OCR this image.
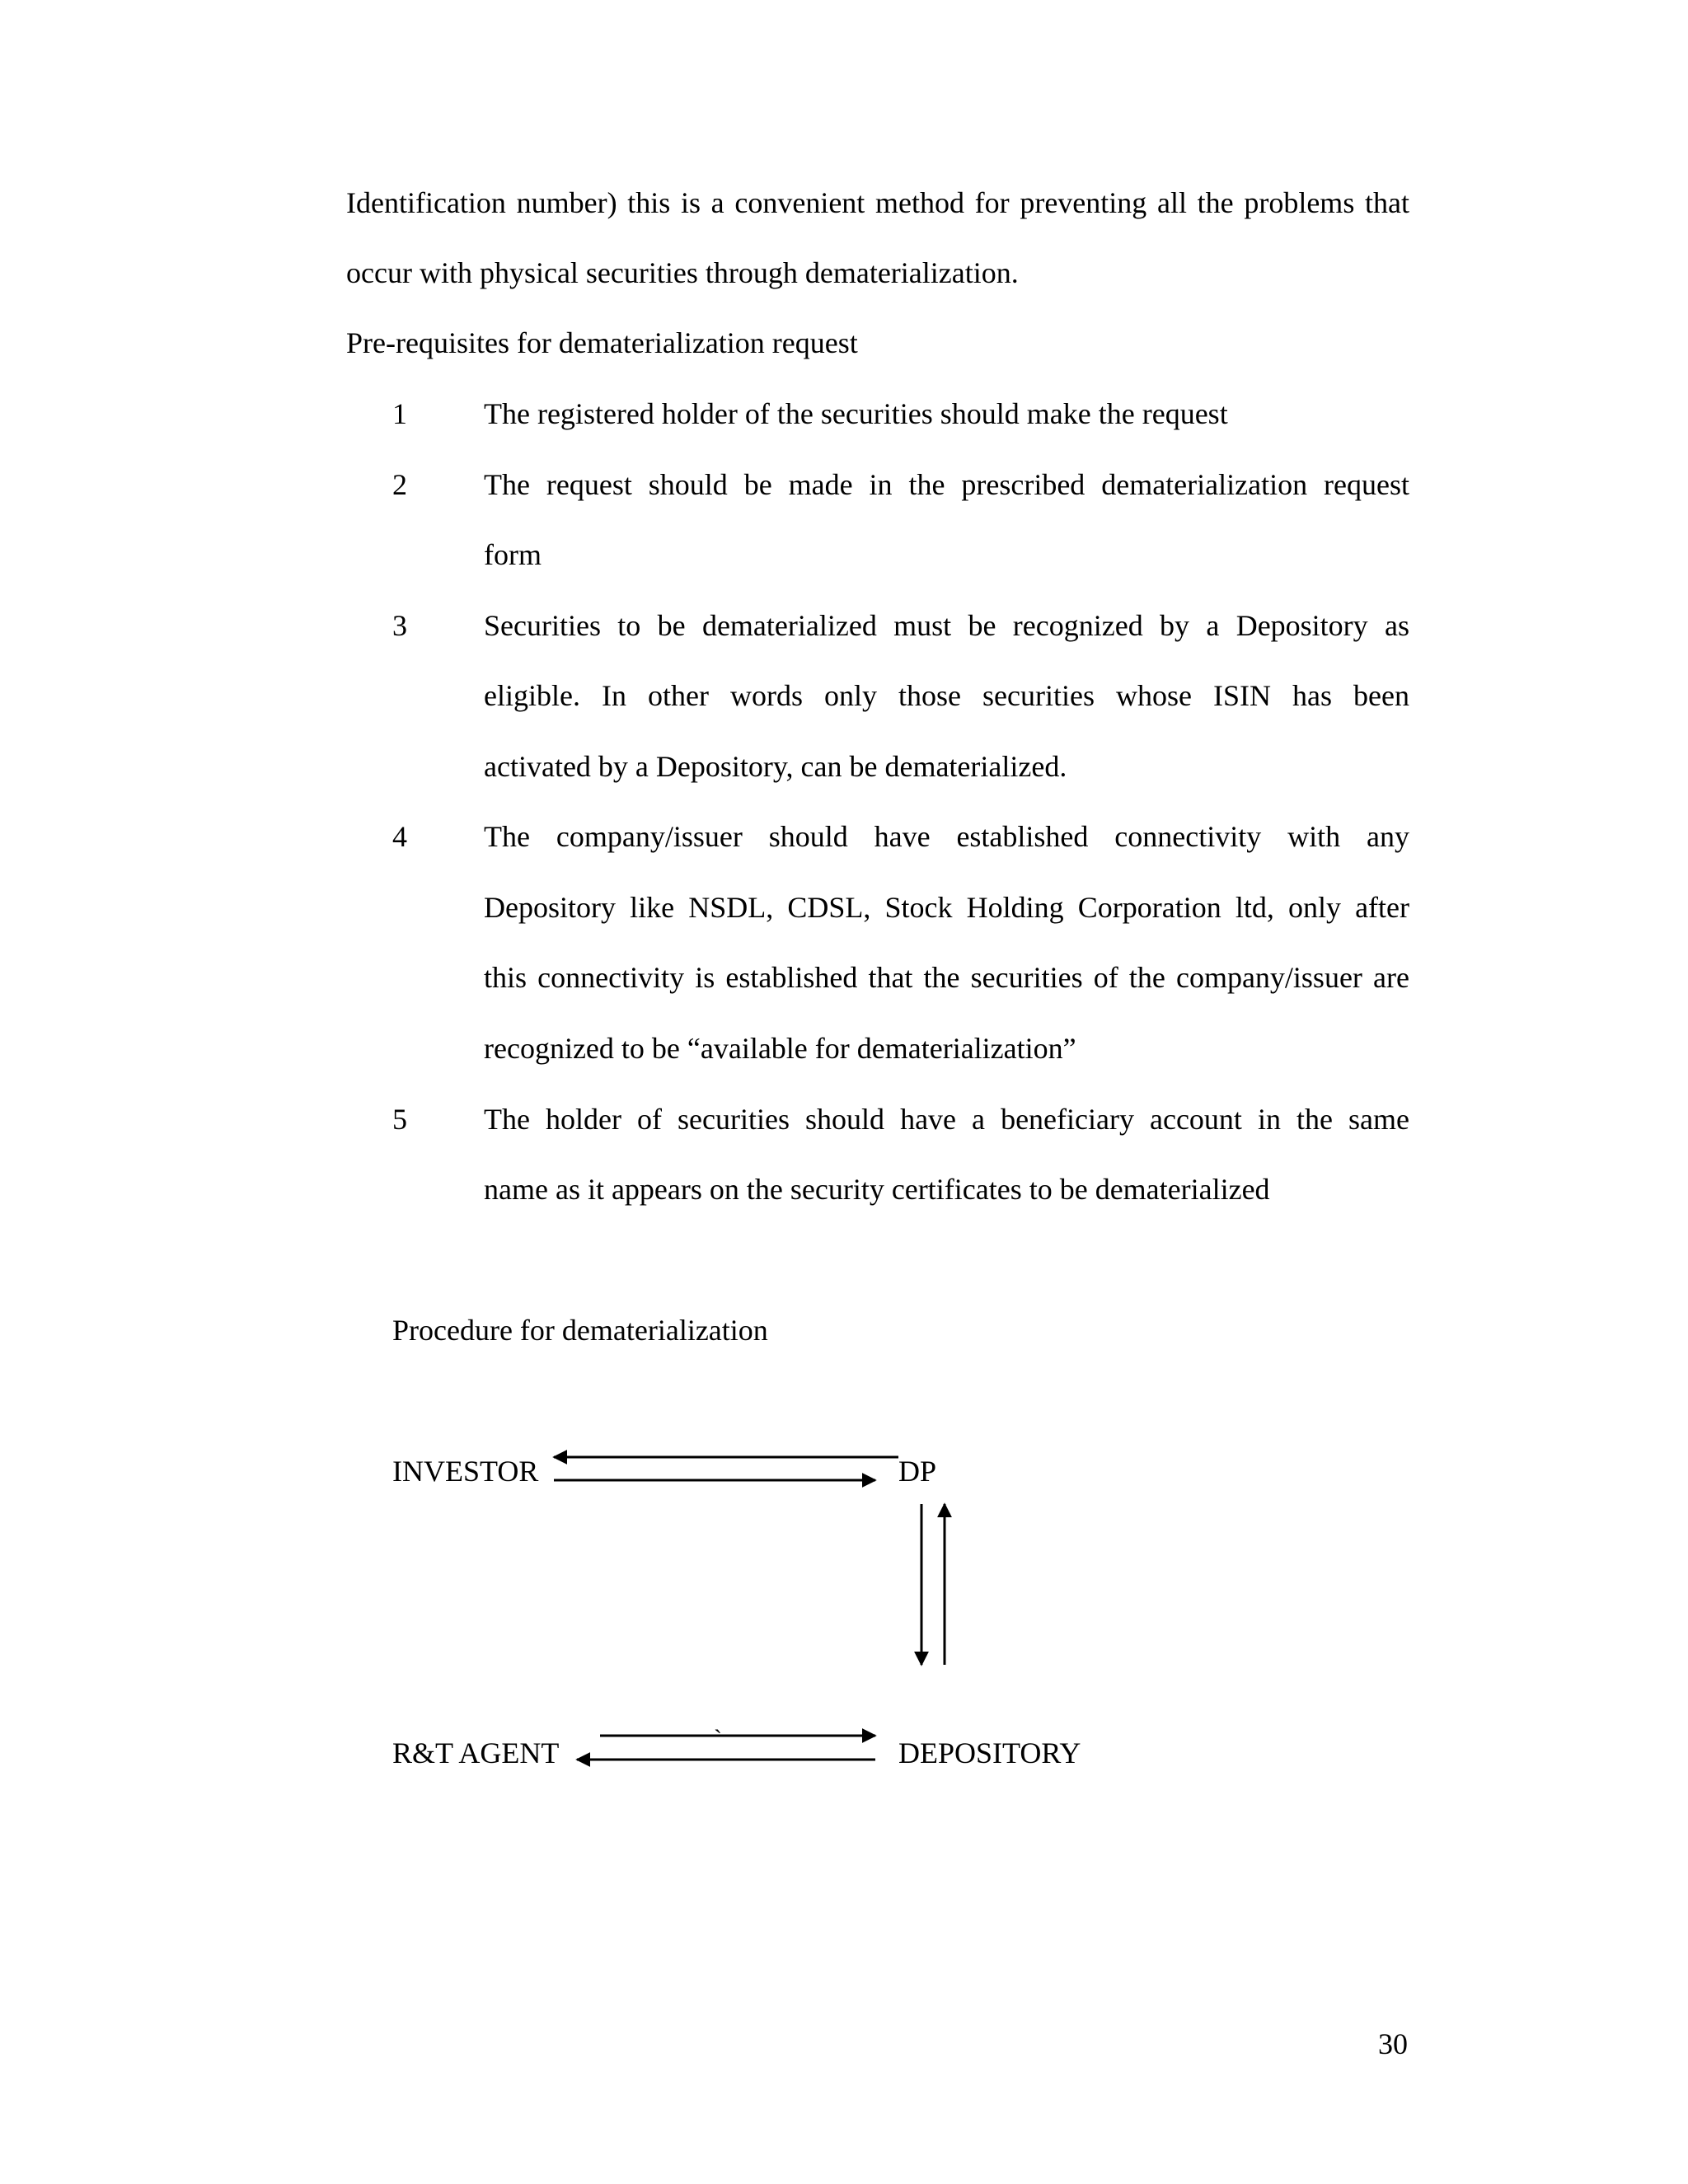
Identification number) this is a convenient method for preventing all the problems that
occur with physical securities through dematerialization.
Pre-requisites for dematerialization request
1	The registered holder of the securities should make the request
2	The request should be made in the prescribed dematerialization request
form
3	Securities to be dematerialized must be recognized by a Depository as
eligible. In other words only those securities whose ISIN has been
activated by a Depository, can be dematerialized.
4	The company/issuer should have established connectivity with any
Depository like NSDL, CDSL, Stock Holding Corporation ltd, only after
this connectivity is established that the securities of the company/issuer are
recognized to be “available for dematerialization”
5	The holder of securities should have a beneficiary account in the same
name as it appears on the security certificates to be dematerialized
Procedure for dematerialization
INVESTOR	DP
R&T AGENT	DEPOSITORY
`
30
